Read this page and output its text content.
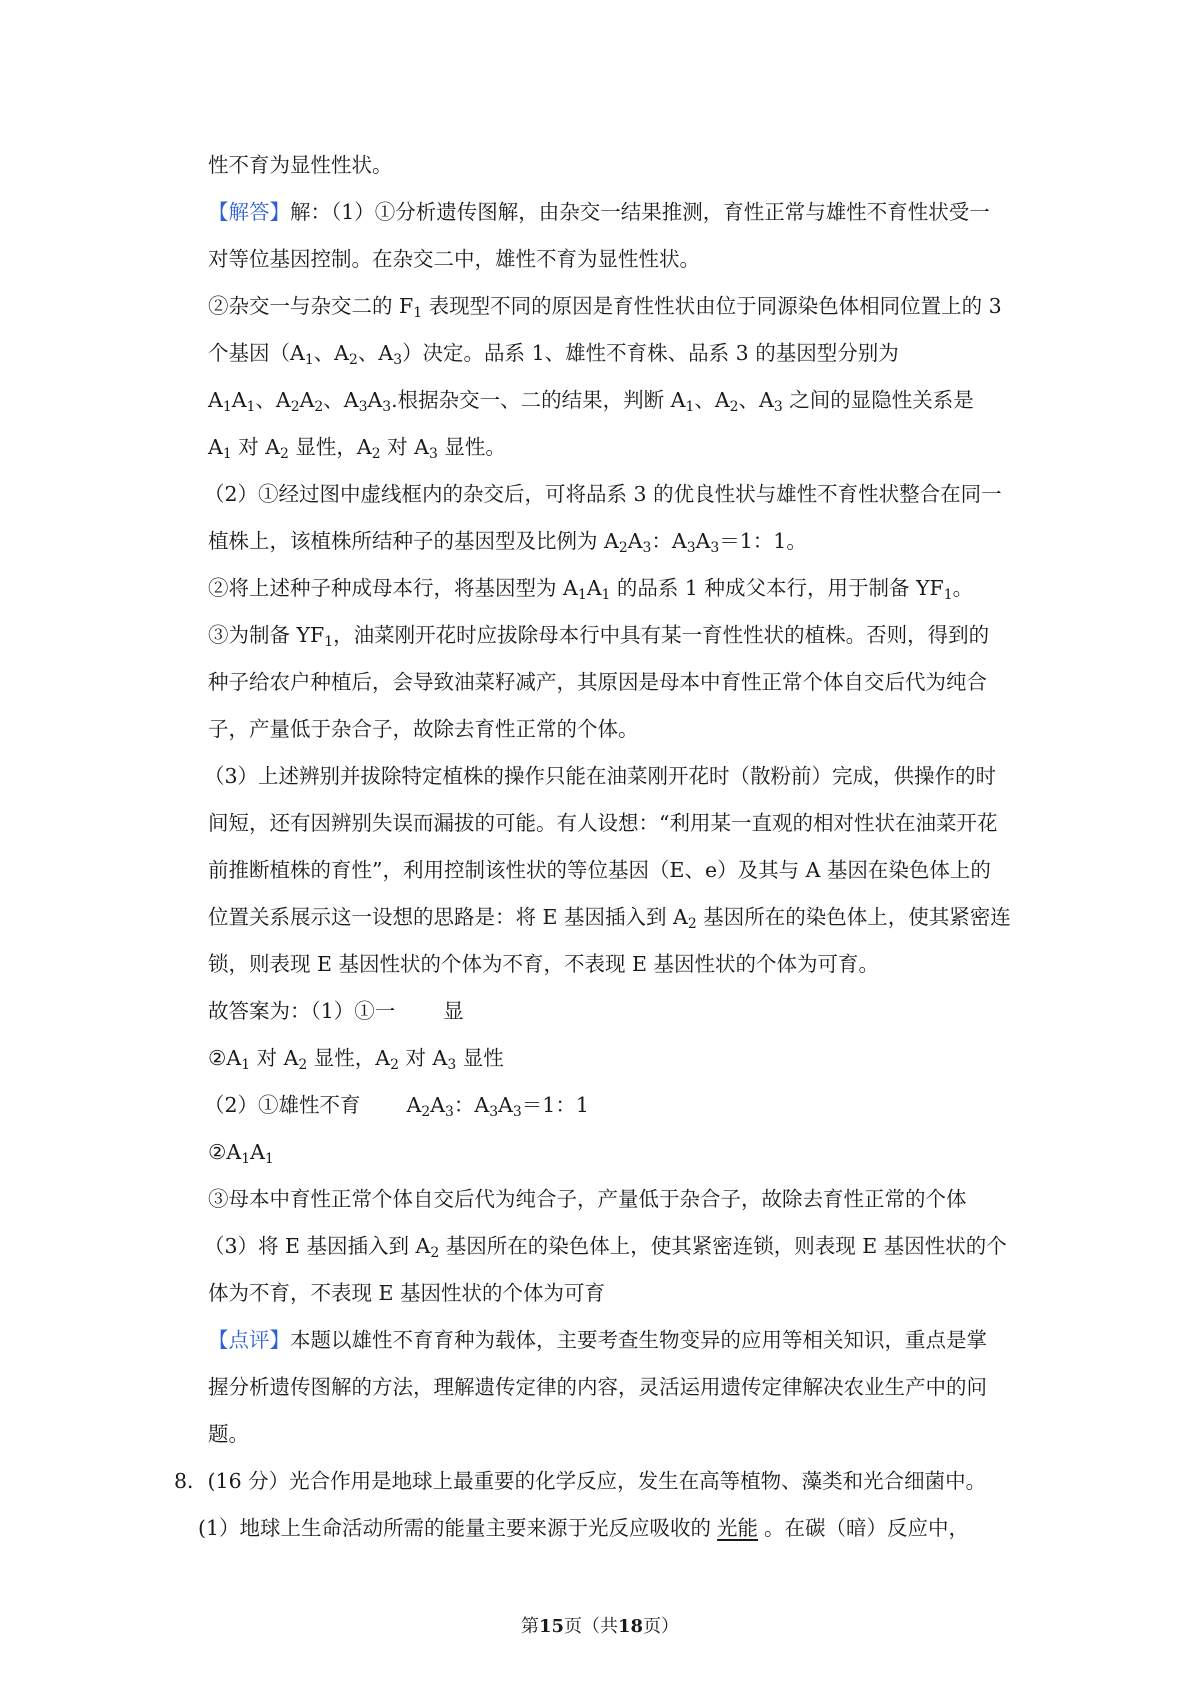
性不育为显性性状。

【解答】解：（1）①分析遗传图解，由杂交一结果推测，育性正常与雄性不育性状受一

对等位基因控制。在杂交二中，雄性不育为显性性状。

②杂交一与杂交二的 $F_1$ 表现型不同的原因是育性性状由位于同源染色体相同位置上的 3

个基因（$A_1$、$A_2$、$A_3$）决定。品系 1、雄性不育株、品系 3 的基因型分别为

$A_1A_1$、$A_2A_2$、$A_3A_3$.根据杂交一、二的结果，判断 $A_1$、$A_2$、$A_3$ 之间的显隐性关系是

$A_1$ 对 $A_2$ 显性，$A_2$ 对 $A_3$ 显性。

（2）①经过图中虚线框内的杂交后，可将品系 3 的优良性状与雄性不育性状整合在同一

植株上，该植株所结种子的基因型及比例为 $A_2A_3$：$A_3A_3=1$：1。

②将上述种子种成母本行，将基因型为 $A_1A_1$ 的品系 1 种成父本行，用于制备 $YF_1$。

③为制备 $YF_1$，油菜刚开花时应拔除母本行中具有某一育性性状的植株。否则，得到的

种子给农户种植后，会导致油菜籽减产，其原因是母本中育性正常个体自交后代为纯合

子，产量低于杂合子，故除去育性正常的个体。

（3）上述辨别并拔除特定植株的操作只能在油菜刚开花时（散粉前）完成，供操作的时

间短，还有因辨别失误而漏拔的可能。有人设想：“利用某一直观的相对性状在油菜开花

前推断植株的育性”，利用控制该性状的等位基因（E、e）及其与 A 基因在染色体上的

位置关系展示这一设想的思路是：将 E 基因插入到 $A_2$ 基因所在的染色体上，使其紧密连

锁，则表现 E 基因性状的个体为不育，不表现 E 基因性状的个体为可育。

故答案为：（1）①一 显

$②A_1$ 对 $A_2$ 显性，$A_2$ 对 $A_3$ 显性

（2）①雄性不育 $A_2A_3$：$A_3A_3=1$：1

$②A_1A_1$

③母本中育性正常个体自交后代为纯合子，产量低于杂合子，故除去育性正常的个体

（3）将 E 基因插入到 $A_2$ 基因所在的染色体上，使其紧密连锁，则表现 E 基因性状的个

体为不育，不表现 E 基因性状的个体为可育

【点评】本题以雄性不育育种为载体，主要考查生物变异的应用等相关知识，重点是掌

握分析遗传图解的方法，理解遗传定律的内容，灵活运用遗传定律解决农业生产中的问

题。

8．(16 分）光合作用是地球上最重要的化学反应，发生在高等植物、藻类和光合细菌中。

(1）地球上生命活动所需的能量主要来源于光反应吸收的 光能 。在碳（暗）反应中，

第15页（共18页）
